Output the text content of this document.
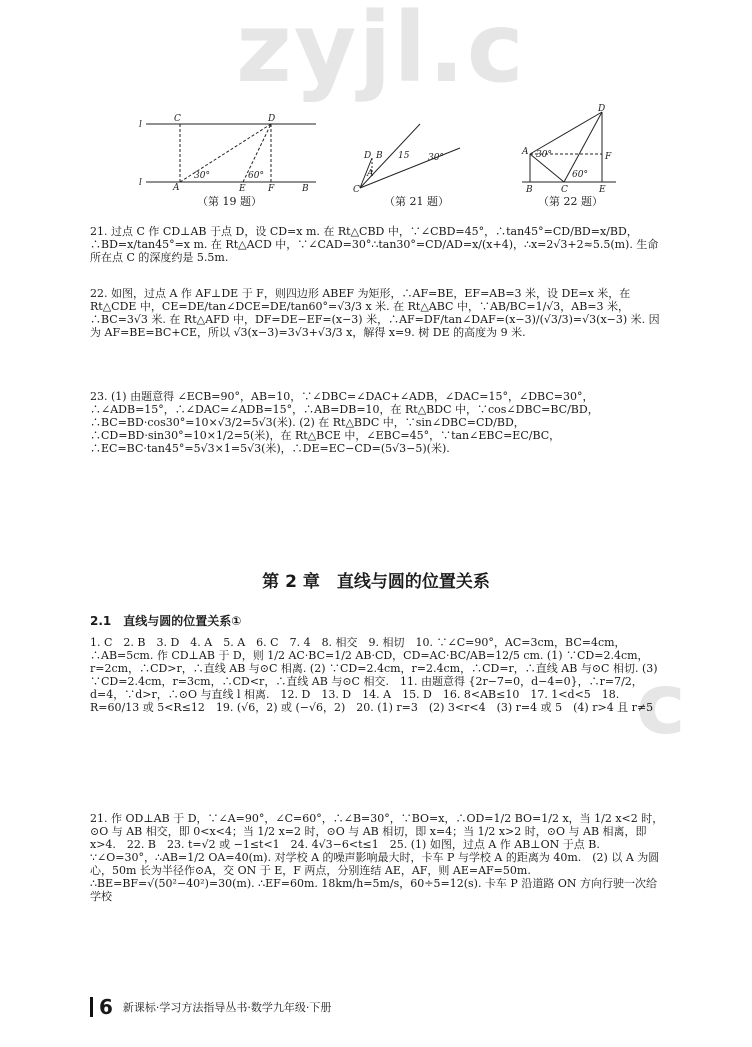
zyjl.c
c
l
C	D
l	A
30°	60°
E F	B
（第 19 题）
D B 15 30°
A
C
（第 21 题）
D
A 30°	F
60°
B	C	E
（第 22 题）

21. 过点 C 作 CD⊥AB 于点 D，设 CD=x m. 在 Rt△CBD 中，∵∠CBD=45°，∴tan45°=CD/BD=x/BD，∴BD=x/tan45°=x m. 在 Rt△ACD 中，∵∠CAD=30°∴tan30°=CD/AD=x/(x+4)，∴x=2√3+2≈5.5(m). 生命所在点 C 的深度约是 5.5m.

22. 如图，过点 A 作 AF⊥DE 于 F，则四边形 ABEF 为矩形，∴AF=BE，EF=AB=3 米，设 DE=x 米，在 Rt△CDE 中，CE=DE/tan∠DCE=DE/tan60°=√3/3 x 米. 在 Rt△ABC 中，∵AB/BC=1/√3，AB=3 米，∴BC=3√3 米. 在 Rt△AFD 中，DF=DE−EF=(x−3) 米，∴AF=DF/tan∠DAF=(x−3)/(√3/3)=√3(x−3) 米. 因为 AF=BE=BC+CE，所以 √3(x−3)=3√3+√3/3 x，解得 x=9. 树 DE 的高度为 9 米.

23. (1) 由题意得 ∠ECB=90°，AB=10，∵∠DBC=∠DAC+∠ADB，∠DAC=15°，∠DBC=30°，∴∠ADB=15°，∴∠DAC=∠ADB=15°，∴AB=DB=10，在 Rt△BDC 中，∵cos∠DBC=BC/BD，∴BC=BD·cos30°=10×√3/2=5√3(米). (2) 在 Rt△BDC 中，∵sin∠DBC=CD/BD，∴CD=BD·sin30°=10×1/2=5(米)，在 Rt△BCE 中，∠EBC=45°，∵tan∠EBC=EC/BC，∴EC=BC·tan45°=5√3×1=5√3(米)，∴DE=EC−CD=(5√3−5)(米).

第 2 章　直线与圆的位置关系
2.1　直线与圆的位置关系①

1. C　2. B　3. D　4. A　5. A　6. C　7. 4　8. 相交　9. 相切　10. ∵∠C=90°，AC=3cm，BC=4cm，∴AB=5cm. 作 CD⊥AB 于 D，则 1/2 AC·BC=1/2 AB·CD，CD=AC·BC/AB=12/5 cm. (1) ∵CD=2.4cm，r=2cm，∴CD>r，∴直线 AB 与⊙C 相离. (2) ∵CD=2.4cm，r=2.4cm，∴CD=r，∴直线 AB 与⊙C 相切. (3) ∵CD=2.4cm，r=3cm，∴CD<r，∴直线 AB 与⊙C 相交.　11. 由题意得 {2r−7=0，d−4=0}，∴r=7/2，d=4，∵d>r，∴⊙O 与直线 l 相离.　12. D　13. D　14. A　15. D　16. 8<AB≤10　17. 1<d<5　18. R=60/13 或 5<R≤12　19. (√6，2) 或 (−√6，2)　20. (1) r=3　(2) 3<r<4　(3) r=4 或 5　(4) r>4 且 r≠5

21. 作 OD⊥AB 于 D，∵∠A=90°，∠C=60°，∴∠B=30°，∵BO=x，∴OD=1/2 BO=1/2 x，当 1/2 x<2 时，⊙O 与 AB 相交，即 0<x<4；当 1/2 x=2 时，⊙O 与 AB 相切，即 x=4；当 1/2 x>2 时，⊙O 与 AB 相离，即 x>4.　22. B　23. t=√2 或 −1≤t<1　24. 4√3−6<t≤1　25. (1) 如图，过点 A 作 AB⊥ON 于点 B. ∵∠O=30°，∴AB=1/2 OA=40(m). 对学校 A 的噪声影响最大时，卡车 P 与学校 A 的距离为 40m.　(2) 以 A 为圆心，50m 长为半径作⊙A，交 ON 于 E，F 两点，分别连结 AE，AF，则 AE=AF=50m. ∴BE=BF=√(50²−40²)=30(m). ∴EF=60m. 18km/h=5m/s，60÷5=12(s). 卡车 P 沿道路 ON 方向行驶一次给学校

6 新课标·学习方法指导丛书·数学九年级·下册
